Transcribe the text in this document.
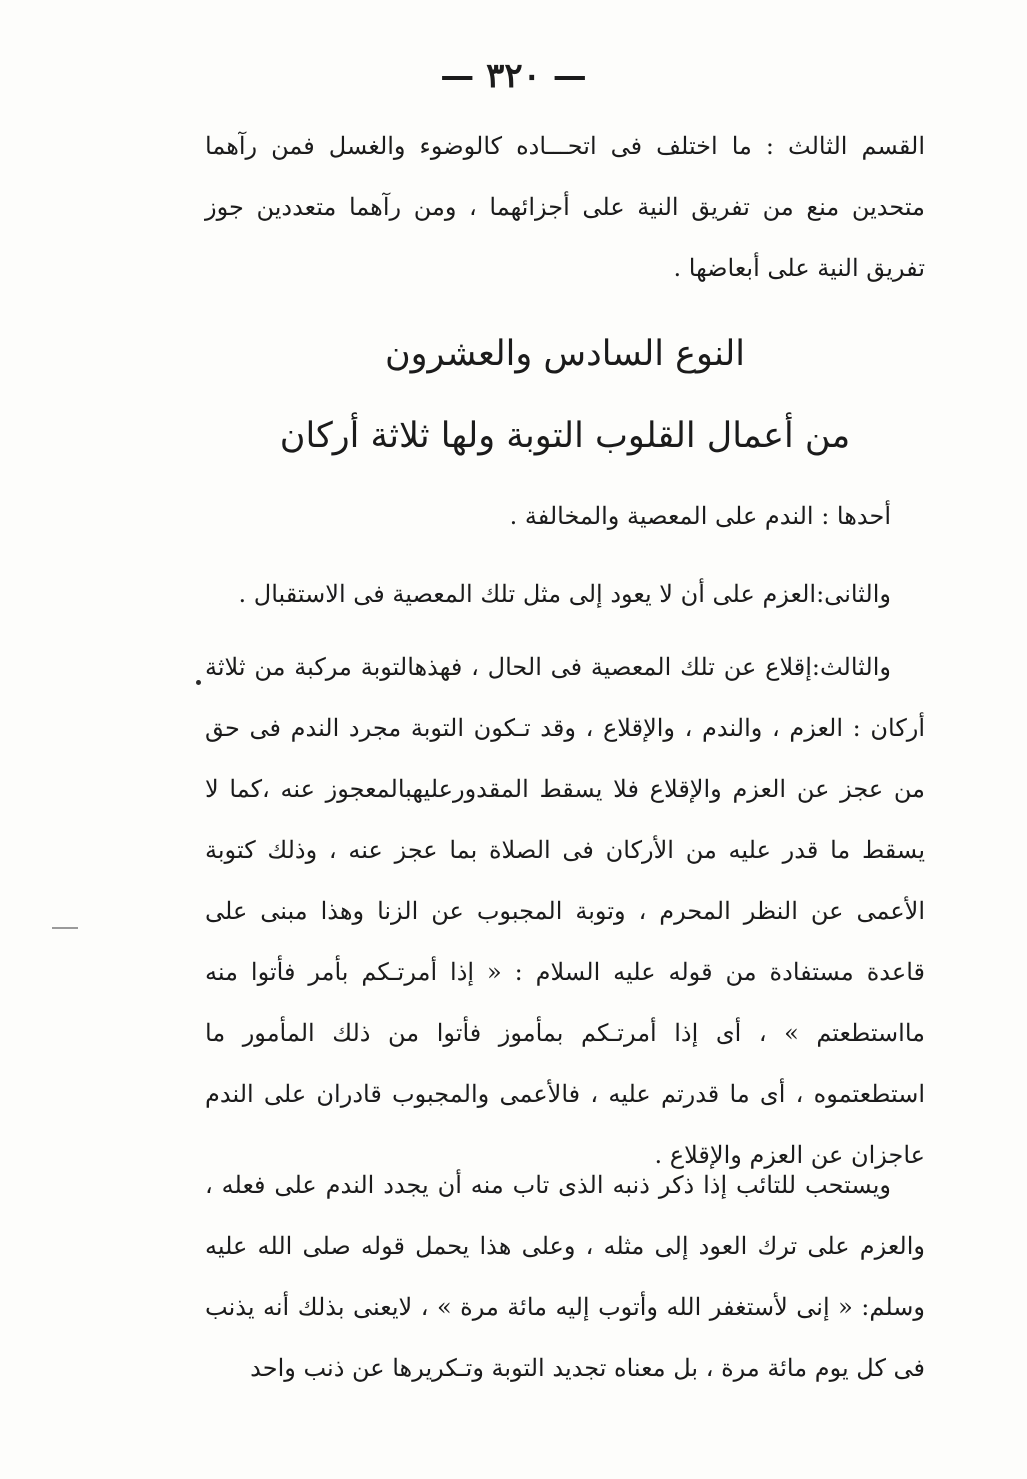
— ٣٢٠ —

القسم الثالث : ما اختلف فى اتحـــاده كالوضوء والغسل فمن رآهما متحدين منع من تفريق النية على أجزائهما ، ومن رآهما متعددين جوز تفريق النية على أبعاضها .

النوع السادس والعشرون
من أعمال القلوب التوبة ولها ثلاثة أركان

أحدها : الندم على المعصية والمخالفة .

والثانى:العزم على أن لا يعود إلى مثل تلك المعصية فى الاستقبال .

والثالث:إقلاع عن تلك المعصية فى الحال ، فهذهالتوبة مركبة من ثلاثة أركان : العزم ، والندم ، والإقلاع ، وقد تـكون التوبة مجرد الندم فى حق من عجز عن العزم والإقلاع فلا يسقط المقدورعليهبالمعجوز عنه ،كما لا يسقط ما قدر عليه من الأركان فى الصلاة بما عجز عنه ، وذلك كتوبة الأعمى عن النظر المحرم ، وتوبة المجبوب عن الزنا وهذا مبنى على قاعدة مستفادة من قوله عليه السلام : « إذا أمرتـكم بأمر فأتوا منه مااستطعتم » ، أى إذا أمرتـكم بمأموز فأتوا من ذلك المأمور ما استطعتموه ، أى ما قدرتم عليه ، فالأعمى والمجبوب قادران على الندم عاجزان عن العزم والإقلاع .

ويستحب للتائب إذا ذكر ذنبه الذى تاب منه أن يجدد الندم على فعله ، والعزم على ترك العود إلى مثله ، وعلى هذا يحمل قوله صلى الله عليه وسلم: « إنى لأستغفر الله وأتوب إليه مائة مرة » ، لايعنى بذلك أنه يذنب فى كل يوم مائة مرة ، بل معناه تجديد التوبة وتـكريرها عن ذنب واحد
